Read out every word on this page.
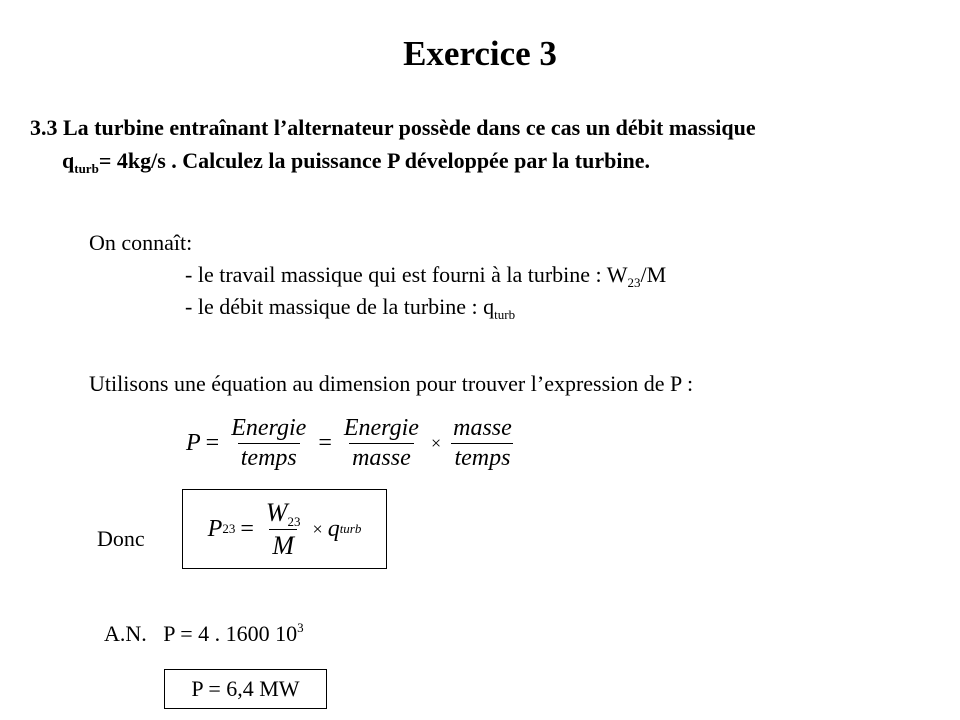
Exercice 3
3.3 La turbine entraînant l’alternateur possède dans ce cas un débit massique
$q_{turb}= 4kg/s$ . Calculez la puissance P développée par la turbine.
On connaît:
- le travail massique qui est fourni à la turbine : $W_{23}/M$
- le débit massique de la turbine : $q_{turb}$
Utilisons une équation au dimension pour trouver l’expression de P :
$P = \frac{\text{Energie}}{\text{temps}} = \frac{\text{Energie}}{\text{masse}} \times \frac{\text{masse}}{\text{temps}}$
Donc	P $23 = \frac{W_{23}}{M} \times q$ turb
A.N. P = 4 . 1600 $10^3$
P = 6,4 MW
